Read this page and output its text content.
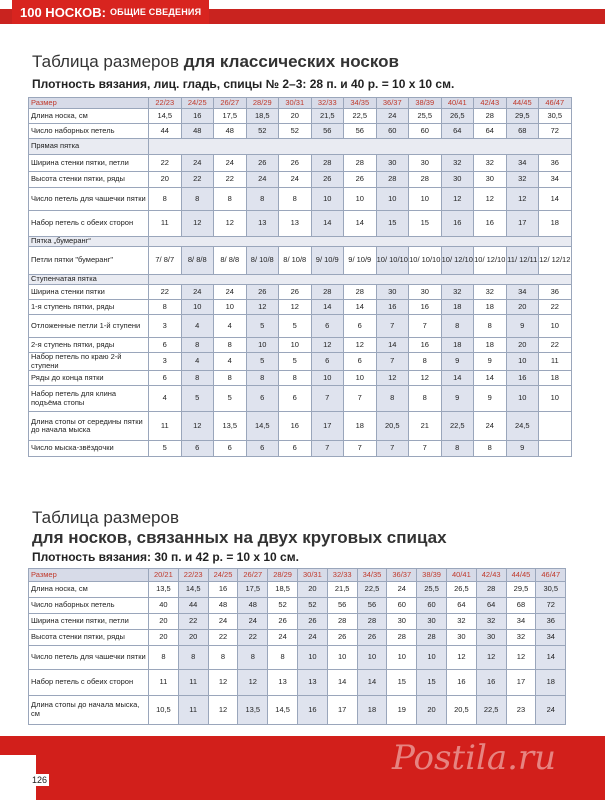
100 НОСКОВ: ОБЩИЕ СВЕДЕНИЯ
Таблица размеров для классических носков
Плотность вязания, лиц. гладь, спицы № 2–3: 28 п. и 40 р. = 10 х 10 см.
Размер	22/23	24/25	26/27	28/29	30/31	32/33	34/35	36/37	38/39	40/41	42/43	44/45	46/47
Длина носка, см	14,5	16	17,5	18,5	20	21,5	22,5	24	25,5	26,5	28	29,5	30,5
Число наборных петель	44	48	48	52	52	56	56	60	60	64	64	68	72
Прямая пятка													
Ширина стенки пятки, петли	22	24	24	26	26	28	28	30	30	32	32	34	36
Высота стенки пятки, ряды	20	22	22	24	24	26	26	28	28	30	30	32	34
Число петель для чашечки пятки	8	8	8	8	8	10	10	10	10	12	12	12	14
Набор петель с обеих сторон	11	12	12	13	13	14	14	15	15	16	16	17	18
Пятка „бумеранг“													
Петли пятки "бумеранг"	7/ 8/7	8/ 8/8	8/ 8/8	8/ 10/8	8/ 10/8	9/ 10/9	9/ 10/9	10/ 10/10	10/ 10/10	10/ 12/10	10/ 12/10	11/ 12/11	12/ 12/12
Ступенчатая пятка													
Ширина стенки пятки	22	24	24	26	26	28	28	30	30	32	32	34	36
1-я ступень пятки, ряды	8	10	10	12	12	14	14	16	16	18	18	20	22
Отложенные петли 1-й ступени	3	4	4	5	5	6	6	7	7	8	8	9	10
2-я ступень пятки, ряды	6	8	8	10	10	12	12	14	16	18	18	20	22
Набор петель по краю 2-й ступени	3	4	4	5	5	6	6	7	8	9	9	10	11
Ряды до конца пятки	6	8	8	8	8	10	10	12	12	14	14	16	18
Набор петель для клина подъёма стопы	4	5	5	6	6	7	7	8	8	9	9	10	10
Длина стопы от середины пятки до начала мыска	11	12	13,5	14,5	16	17	18	20,5	21	22,5	24	24,5	
Число мыска-звёздочки	5	6	6	6	6	7	7	7	7	8	8	9	
Таблица размеров
для носков, связанных на двух круговых спицах
Плотность вязания: 30 п. и 42 р. = 10 х 10 см.
Размер	20/21	22/23	24/25	26/27	28/29	30/31	32/33	34/35	36/37	38/39	40/41	42/43	44/45	46/47
Длина носка, см	13,5	14,5	16	17,5	18,5	20	21,5	22,5	24	25,5	26,5	28	29,5	30,5
Число наборных петель	40	44	48	48	52	52	56	56	60	60	64	64	68	72
Ширина стенки пятки, петли	20	22	24	24	26	26	28	28	30	30	32	32	34	36
Высота стенки пятки, ряды	20	20	22	22	24	24	26	26	28	28	30	30	32	34
Число петель для чашечки пятки	8	8	8	8	8	10	10	10	10	10	12	12	12	14
Набор петель с обеих сторон	11	11	12	12	13	13	14	14	15	15	16	16	17	18
Длина стопы до начала мыска, см	10,5	11	12	13,5	14,5	16	17	18	19	20	20,5	22,5	23	24
Postila.ru
126
